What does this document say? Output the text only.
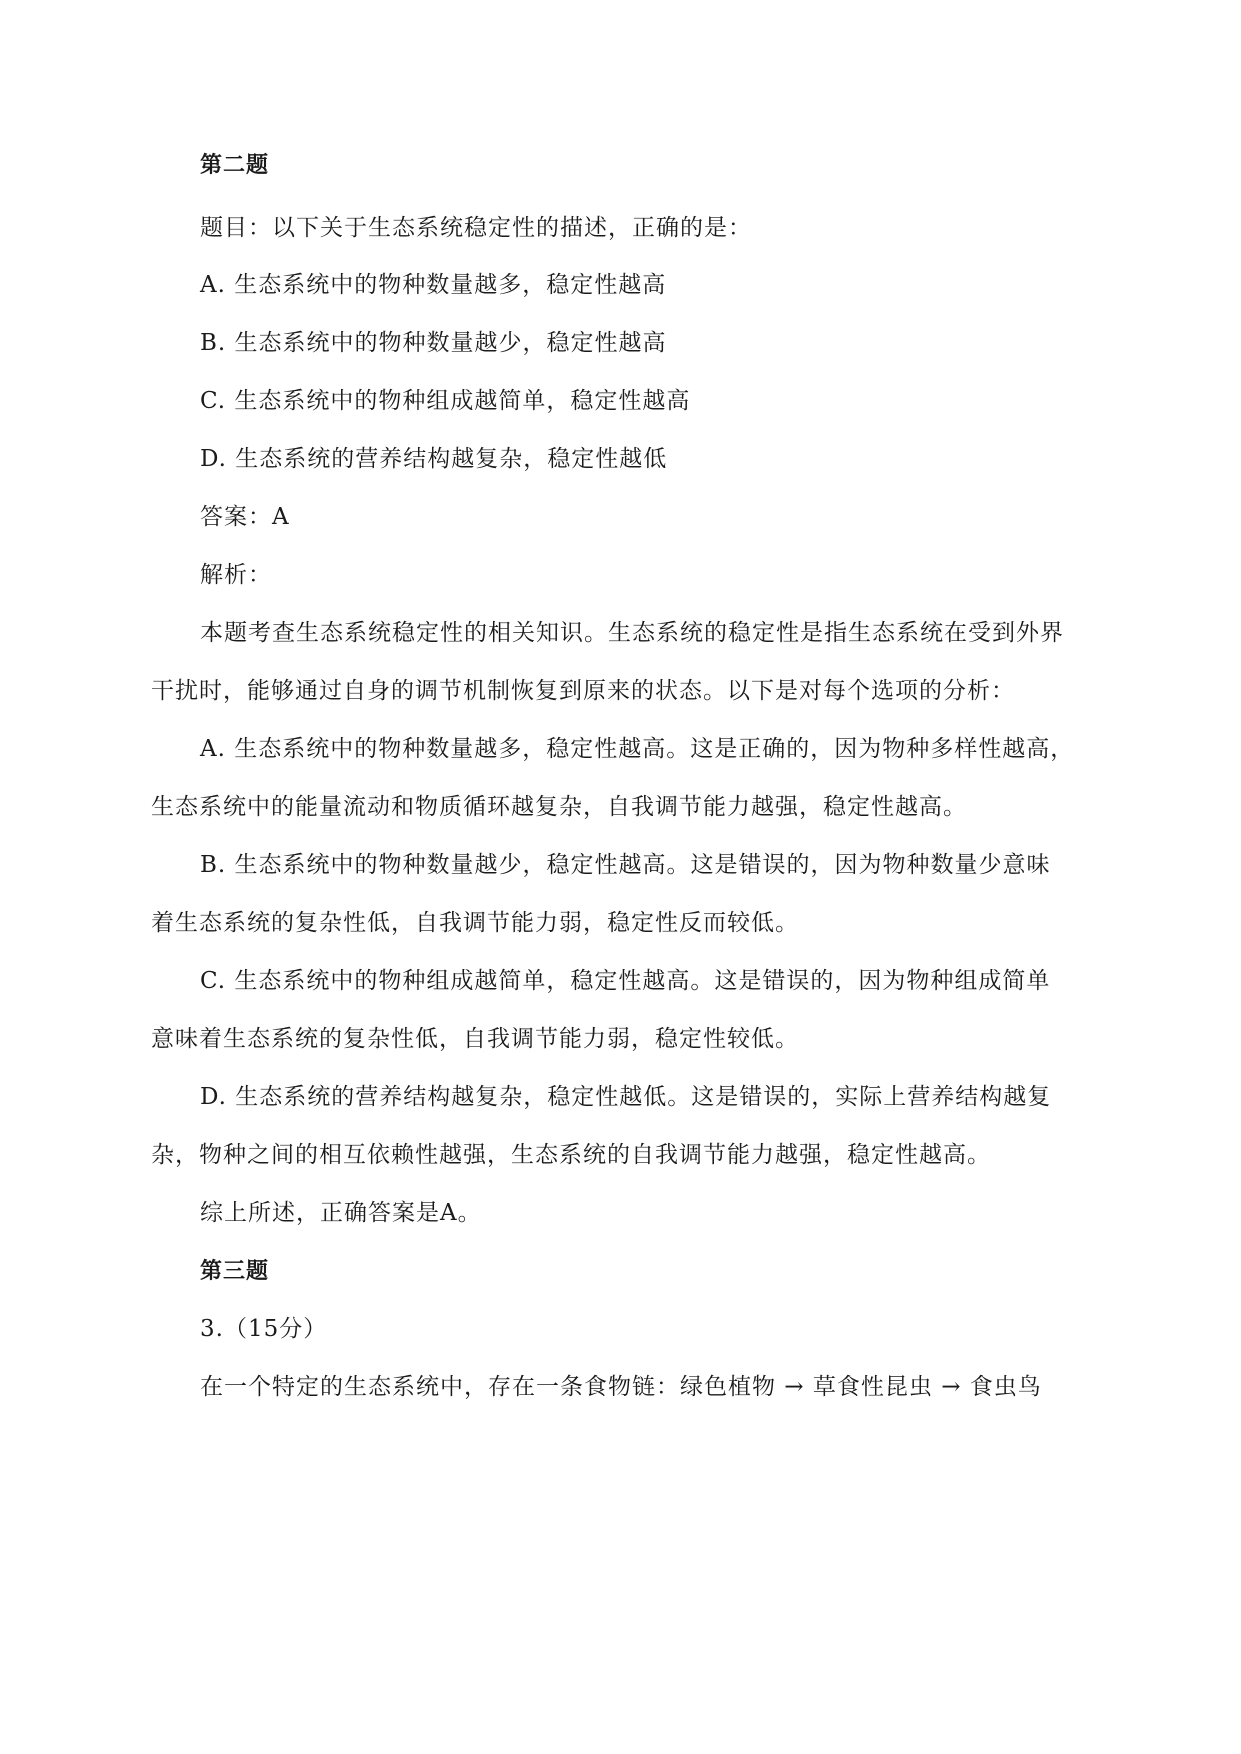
第二题
题目：以下关于生态系统稳定性的描述，正确的是：
A. 生态系统中的物种数量越多，稳定性越高
B. 生态系统中的物种数量越少，稳定性越高
C. 生态系统中的物种组成越简单，稳定性越高
D. 生态系统的营养结构越复杂，稳定性越低
答案：A
解析：
本题考查生态系统稳定性的相关知识。生态系统的稳定性是指生态系统在受到外界
干扰时，能够通过自身的调节机制恢复到原来的状态。以下是对每个选项的分析：
A. 生态系统中的物种数量越多，稳定性越高。这是正确的，因为物种多样性越高，
生态系统中的能量流动和物质循环越复杂，自我调节能力越强，稳定性越高。
B. 生态系统中的物种数量越少，稳定性越高。这是错误的，因为物种数量少意味
着生态系统的复杂性低，自我调节能力弱，稳定性反而较低。
C. 生态系统中的物种组成越简单，稳定性越高。这是错误的，因为物种组成简单
意味着生态系统的复杂性低，自我调节能力弱，稳定性较低。
D. 生态系统的营养结构越复杂，稳定性越低。这是错误的，实际上营养结构越复
杂，物种之间的相互依赖性越强，生态系统的自我调节能力越强，稳定性越高。
综上所述，正确答案是A。
第三题
3.（15分）
在一个特定的生态系统中，存在一条食物链：绿色植物 → 草食性昆虫 → 食虫鸟
